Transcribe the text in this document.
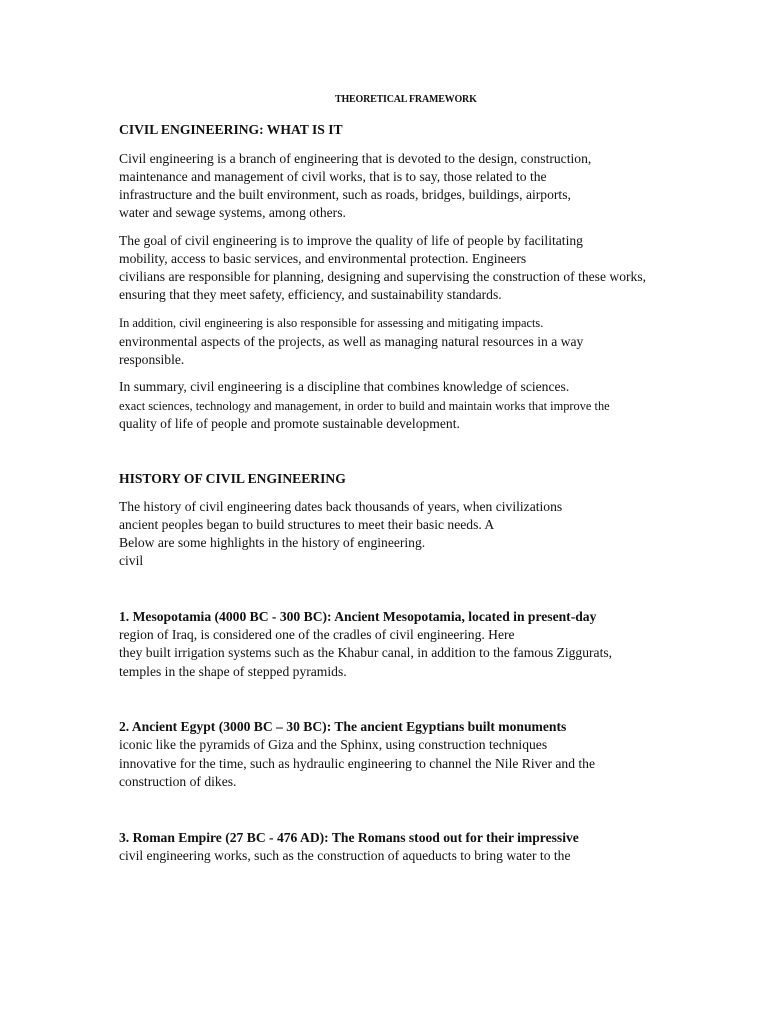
THEORETICAL FRAMEWORK
CIVIL ENGINEERING: WHAT IS IT
Civil engineering is a branch of engineering that is devoted to the design, construction,
maintenance and management of civil works, that is to say, those related to the
infrastructure and the built environment, such as roads, bridges, buildings, airports,
water and sewage systems, among others.
The goal of civil engineering is to improve the quality of life of people by facilitating
mobility, access to basic services, and environmental protection. Engineers
civilians are responsible for planning, designing and supervising the construction of these works,
ensuring that they meet safety, efficiency, and sustainability standards.
In addition, civil engineering is also responsible for assessing and mitigating impacts.
environmental aspects of the projects, as well as managing natural resources in a way
responsible.
In summary, civil engineering is a discipline that combines knowledge of sciences.
exact sciences, technology and management, in order to build and maintain works that improve the
quality of life of people and promote sustainable development.
HISTORY OF CIVIL ENGINEERING
The history of civil engineering dates back thousands of years, when civilizations
ancient peoples began to build structures to meet their basic needs. A
Below are some highlights in the history of engineering.
civil
1. Mesopotamia (4000 BC - 300 BC): Ancient Mesopotamia, located in present-day
region of Iraq, is considered one of the cradles of civil engineering. Here
they built irrigation systems such as the Khabur canal, in addition to the famous Ziggurats,
temples in the shape of stepped pyramids.
2. Ancient Egypt (3000 BC – 30 BC): The ancient Egyptians built monuments
iconic like the pyramids of Giza and the Sphinx, using construction techniques
innovative for the time, such as hydraulic engineering to channel the Nile River and the
construction of dikes.
3. Roman Empire (27 BC - 476 AD): The Romans stood out for their impressive
civil engineering works, such as the construction of aqueducts to bring water to the
